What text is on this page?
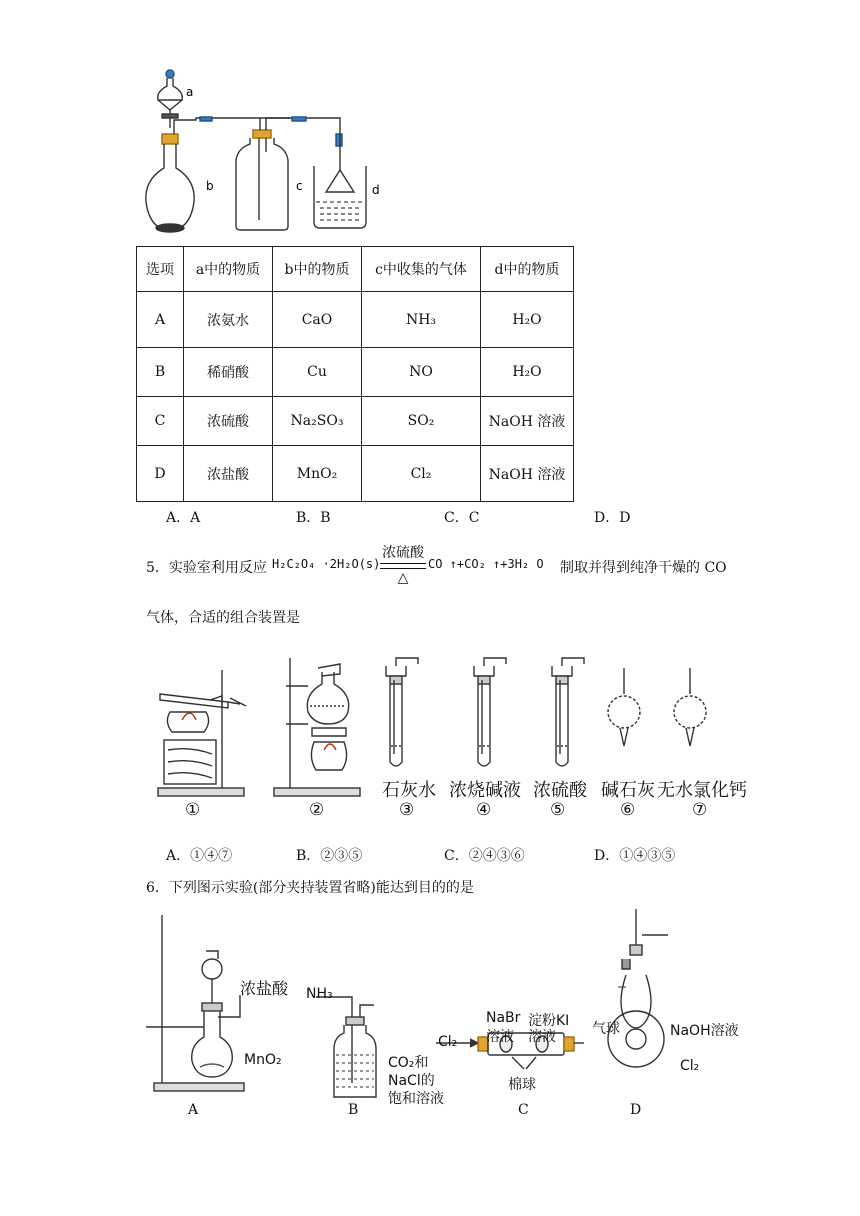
a
b	c	d
选项	a中的物质	b中的物质	c中收集的气体	d中的物质
A	浓氨水	CaO	NH₃	H₂O
B	稀硝酸	Cu	NO	H₂O
C	浓硫酸	Na₂SO₃	SO₂	NaOH 溶液
D	浓盐酸	MnO₂	Cl₂	NaOH 溶液
A．A	B．B	C．C	D．D
5．实验室利用反应 H₂C₂O₄ ·2H₂O(s)
浓硫酸
△
CO ↑+CO₂ ↑+3H₂ O 制取并得到纯净干燥的 CO
气体，合适的组合装置是
石灰水 浓烧碱液 浓硫酸 碱石灰 无水氯化钙
①	②	③	④	⑤	⑥	⑦
A．①④⑦	B．②③⑤	C．②④③⑥	D．①④③⑤
6．下列图示实验(部分夹持装置省略)能达到目的的是
浓盐酸
MnO₂
A
NH₃
CO₂和
NaCl的
饱和溶液
B
Cl₂
NaBr
溶液
淀粉KI
溶液
棉球
C
气球	NaOH溶液
Cl₂
D
